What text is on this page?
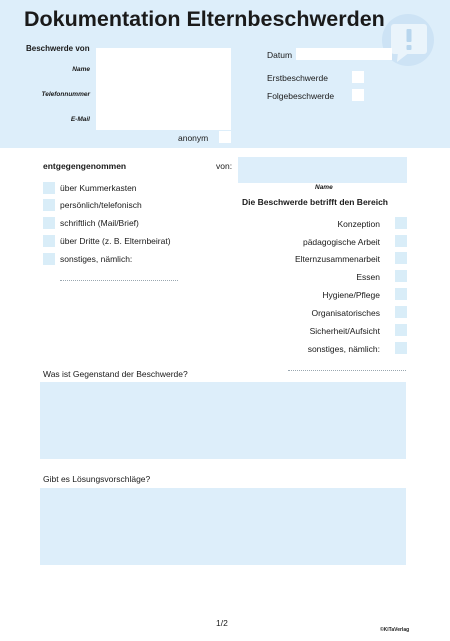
Dokumentation Elternbeschwerden
Beschwerde von
Name
Telefonnummer
E-Mail
anonym
Datum
Erstbeschwerde
Folgebeschwerde
entgegengenommen	von:
Name
über Kummerkasten
persönlich/telefonisch
schriftlich (Mail/Brief)
über Dritte (z. B. Elternbeirat)
sonstiges, nämlich:
Die Beschwerde betrifft den Bereich
Konzeption
pädagogische Arbeit
Elternzusammenarbeit
Essen
Hygiene/Pflege
Organisatorisches
Sicherheit/Aufsicht
sonstiges, nämlich:
Was ist Gegenstand der Beschwerde?
Gibt es Lösungsvorschläge?
1/2
©KiTaVerlag
